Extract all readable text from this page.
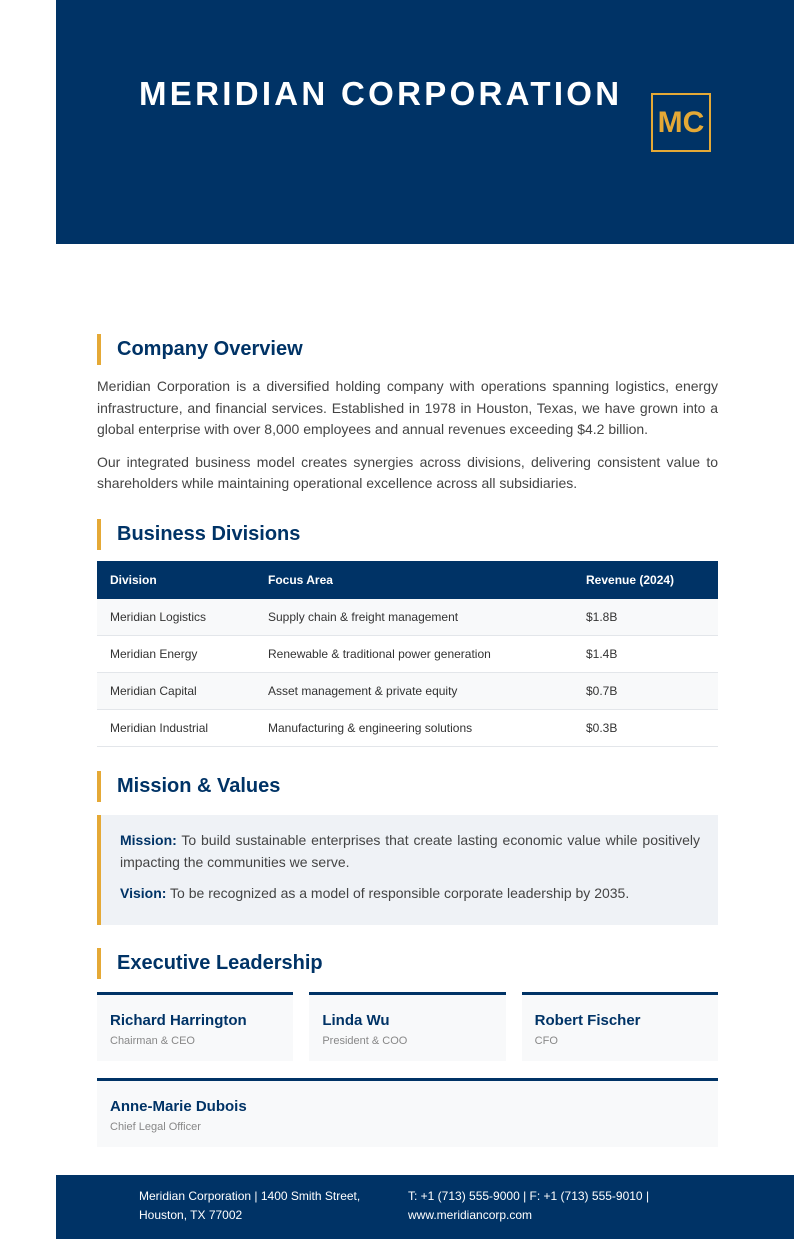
MERIDIAN CORPORATION
MC
Company Overview

Meridian Corporation is a diversified holding company with operations spanning logistics, energy infrastructure, and financial services. Established in 1978 in Houston, Texas, we have grown into a global enterprise with over 8,000 employees and annual revenues exceeding $4.2 billion.

Our integrated business model creates synergies across divisions, delivering consistent value to shareholders while maintaining operational excellence across all subsidiaries.

Business Divisions
Division	Focus Area	Revenue (2024)
Meridian Logistics	Supply chain & freight management	$1.8B
Meridian Energy	Renewable & traditional power generation	$1.4B
Meridian Capital	Asset management & private equity	$0.7B
Meridian Industrial	Manufacturing & engineering solutions	$0.3B
Mission & Values

Mission: To build sustainable enterprises that create lasting economic value while positively impacting the communities we serve.

Vision: To be recognized as a model of responsible corporate leadership by 2035.

Executive Leadership
Richard Harrington
Chairman & CEO
Linda Wu
President & COO
Robert Fischer
CFO
Anne-Marie Dubois
Chief Legal Officer
Meridian Corporation | 1400 Smith Street, Houston, TX 77002
T: +1 (713) 555-9000 | F: +1 (713) 555-9010 | www.meridiancorp.com
